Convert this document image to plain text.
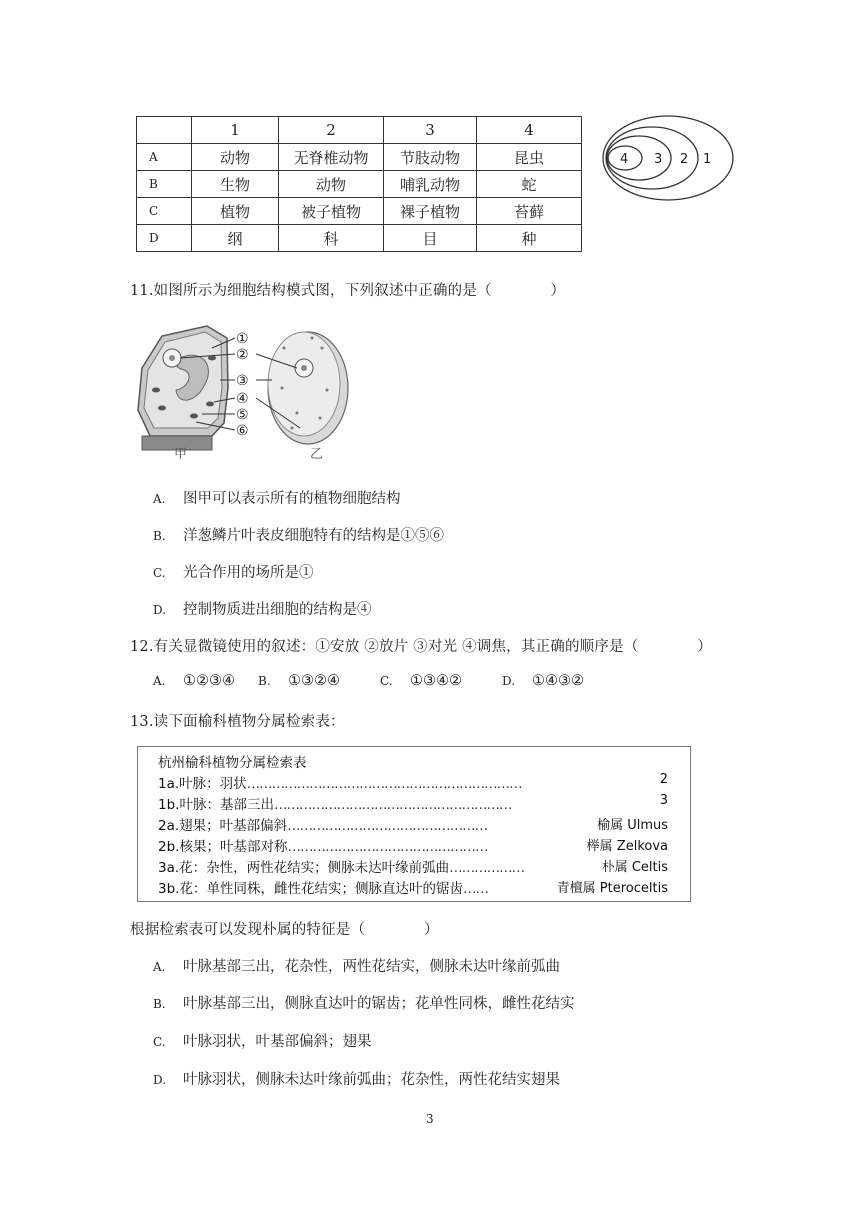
	1	2	3	4
A	动物	无脊椎动物	节肢动物	昆虫
B	生物	动物	哺乳动物	蛇
C	植物	被子植物	裸子植物	苔藓
D	纲	科	目	种
4 3 2 1
11.如图所示为细胞结构模式图，下列叙述中正确的是（　　　　）
①
②
③
④
⑤
⑥
甲	乙
A. 图甲可以表示所有的植物细胞结构
B. 洋葱鳞片叶表皮细胞特有的结构是①⑤⑥
C. 光合作用的场所是①
D. 控制物质进出细胞的结构是④
12.有关显微镜使用的叙述：①安放 ②放片 ③对光 ④调焦，其正确的顺序是（　　　　）
A. ①②③④ B. ①③②④	C. ①③④②	D. ①④③②
13.读下面榆科植物分属检索表：
杭州榆科植物分属检索表
1a.叶脉：羽状…………………………………………………………	2
1b.叶脉：基部三出…………………………………………………	3
2a.翅果；叶基部偏斜…………………………………………	榆属 Ulmus
2b.核果；叶基部对称…………………………………………	榉属 Zelkova
3a.花：杂性，两性花结实；侧脉未达叶缘前弧曲………………	朴属 Celtis
3b.花：单性同株，雌性花结实；侧脉直达叶的锯齿……	青檀属 Pteroceltis
根据检索表可以发现朴属的特征是（　　　　）
A. 叶脉基部三出，花杂性，两性花结实，侧脉未达叶缘前弧曲
B. 叶脉基部三出，侧脉直达叶的锯齿；花单性同株，雌性花结实
C. 叶脉羽状，叶基部偏斜；翅果
D. 叶脉羽状，侧脉未达叶缘前弧曲；花杂性，两性花结实翅果
3
